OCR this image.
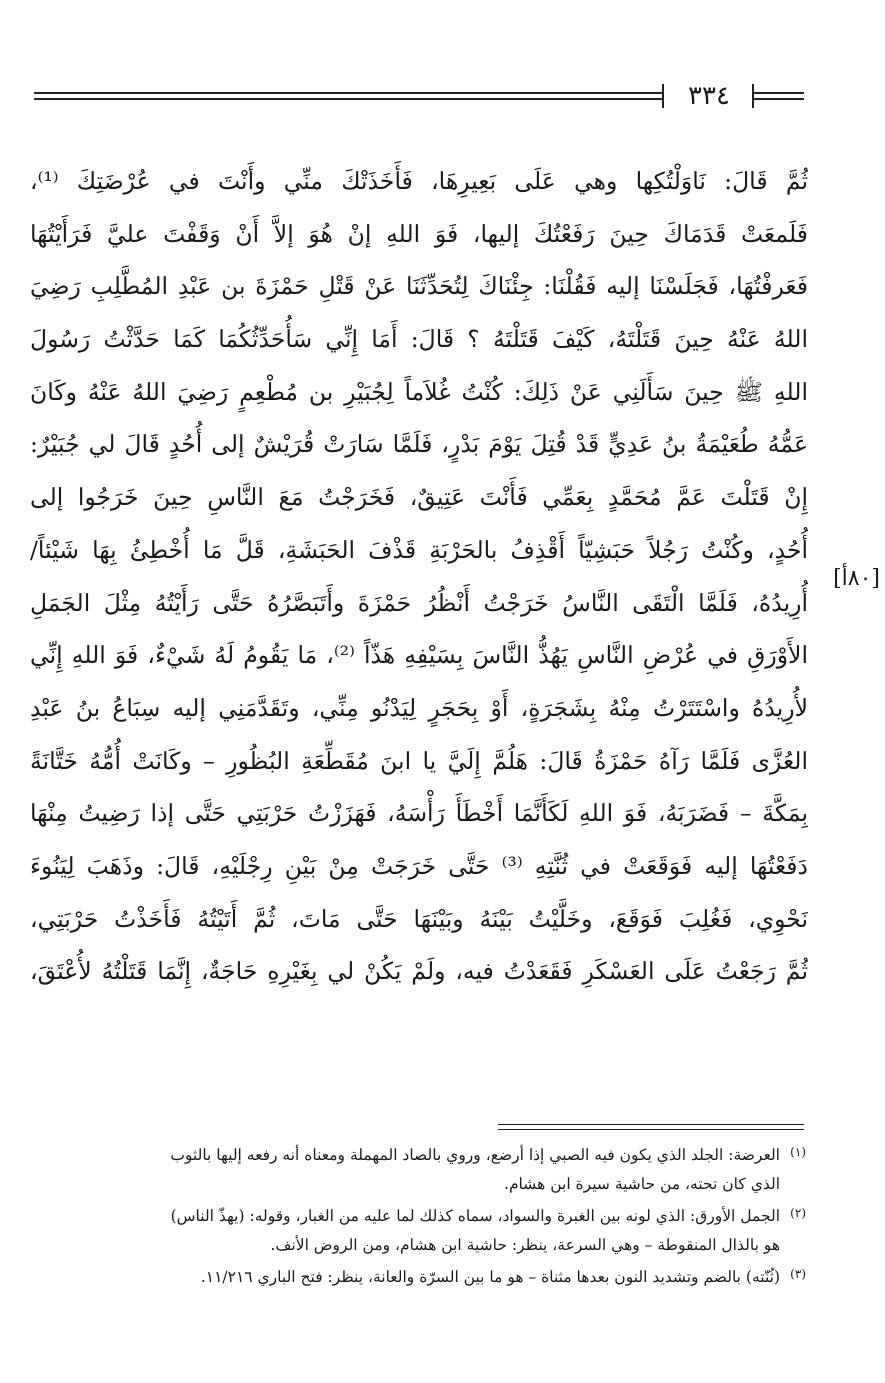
٣٣٤
[٨٠أ]
ثُمَّ قَالَ: نَاوَلْتُكِها وهي عَلَى بَعِيرِهَا، فَأَخَذَتْكَ منِّي وأَنْتَ في عُرْضَتِكَ ⁽¹⁾،
فَلَمعَتْ قَدَمَاكَ حِينَ رَفَعْتُكَ إليها، فَوَ اللهِ إنْ هُوَ إلاَّ أَنْ وَقَفْتَ عليَّ فَرَأَيْتُهَا
فَعَرفْتُهَا، فَجَلَسْنَا إليه فَقُلْنَا: جِئْنَاكَ لِتُحَدِّثَنَا عَنْ قَتْلِ حَمْزَةَ بن عَبْدِ المُطَّلِبِ رَضِيَ
اللهُ عَنْهُ حِينَ قَتَلْتَهُ، كَيْفَ قَتَلْتَهُ ؟ قَالَ: أَمَا إِنِّي سَأُحَدِّثُكُمَا كَمَا حَدَّثْتُ رَسُولَ
اللهِ ﷺ حِينَ سَأَلَنِي عَنْ ذَلِكَ: كُنْتُ غُلاَماً لِجُبَيْرِ بن مُطْعِمٍ رَضِيَ اللهُ عَنْهُ وكَانَ
عَمُّهُ طُعَيْمَةُ بنُ عَدِيٍّ قَدْ قُتِلَ يَوْمَ بَدْرٍ، فَلَمَّا سَارَتْ قُرَيْشٌ إلى أُحُدٍ قَالَ لي جُبَيْرٌ:
إِنْ قَتَلْتَ عَمَّ مُحَمَّدٍ بِعَمِّي فَأَنْتَ عَتِيقٌ، فَخَرَجْتُ مَعَ النَّاسِ حِينَ خَرَجُوا إلى
أُحُدٍ، وكُنْتُ رَجُلاً حَبَشِيّاً أَقْذِفُ بالحَرْبَةِ قَذْفَ الحَبَشَةِ، قَلَّ مَا أُخْطِئُ بِهَا شَيْئاً/
أُرِيدُهُ، فَلَمَّا الْتَقَى النَّاسُ خَرَجْتُ أَنْظُرُ حَمْزَةَ وأَتَبَصَّرُهُ حَتَّى رَأَيْتُهُ مِثْلَ الجَمَلِ
الأَوْرَقِ في عُرْضِ النَّاسِ يَهُذُّ النَّاسَ بِسَيْفِهِ هَذّاً ⁽²⁾، مَا يَقُومُ لَهُ شَيْءٌ، فَوَ اللهِ إِنِّي
لأُرِيدُهُ واسْتَتَرْتُ مِنْهُ بِشَجَرَةٍ، أَوْ بِحَجَرٍ لِيَدْنُو مِنِّي، وتَقَدَّمَنِي إليه سِبَاعُ بنُ عَبْدِ
العُزَّى فَلَمَّا رَآهُ حَمْزَةُ قَالَ: هَلُمَّ إِلَيَّ يا ابنَ مُقَطِّعَةِ البُظُورِ – وكَانَتْ أُمُّهُ خَتَّانَةً
بِمَكَّةَ – فَضَرَبَهُ، فَوَ اللهِ لَكَأَنَّمَا أَخْطَأَ رَأْسَهُ، فَهَزَزْتُ حَرْبَتِي حَتَّى إذا رَضِيتُ مِنْهَا
دَفَعْتُهَا إليه فَوَقَعَتْ في ثُنَّتِهِ ⁽³⁾ حَتَّى خَرَجَتْ مِنْ بَيْنِ رِجْلَيْهِ، قَالَ: وذَهَبَ لِيَنُوءَ
نَحْوِي، فَغُلِبَ فَوَقَعَ، وخَلَّيْتُ بَيْنَهُ وبَيْنَهَا حَتَّى مَاتَ، ثُمَّ أَتَيْتُهُ فَأَخَذْتُ حَرْبَتِي،
ثُمَّ رَجَعْتُ عَلَى العَسْكَرِ فَقَعَدْتُ فيه، ولَمْ يَكُنْ لي بِغَيْرِهِ حَاجَةٌ، إِنَّمَا قَتَلْتُهُ لأُعْتَقَ،
(١)العرضة: الجلد الذي يكون فيه الصبي إذا أرضع، وروي بالصاد المهملة ومعناه أنه رفعه إليها بالثوب
الذي كان تحته، من حاشية سيرة ابن هشام.
(٢)الجمل الأورق: الذي لونه بين الغبرة والسواد، سماه كذلك لما عليه من الغبار، وقوله: (يهذّ الناس)
هو بالذال المنقوطة – وهي السرعة، ينظر: حاشية ابن هشام، ومن الروض الأنف.
(٣)(ثُنّته) بالضم وتشديد النون بعدها مثناة – هو ما بين السرّة والعانة، ينظر: فتح الباري ١١/٢١٦.
